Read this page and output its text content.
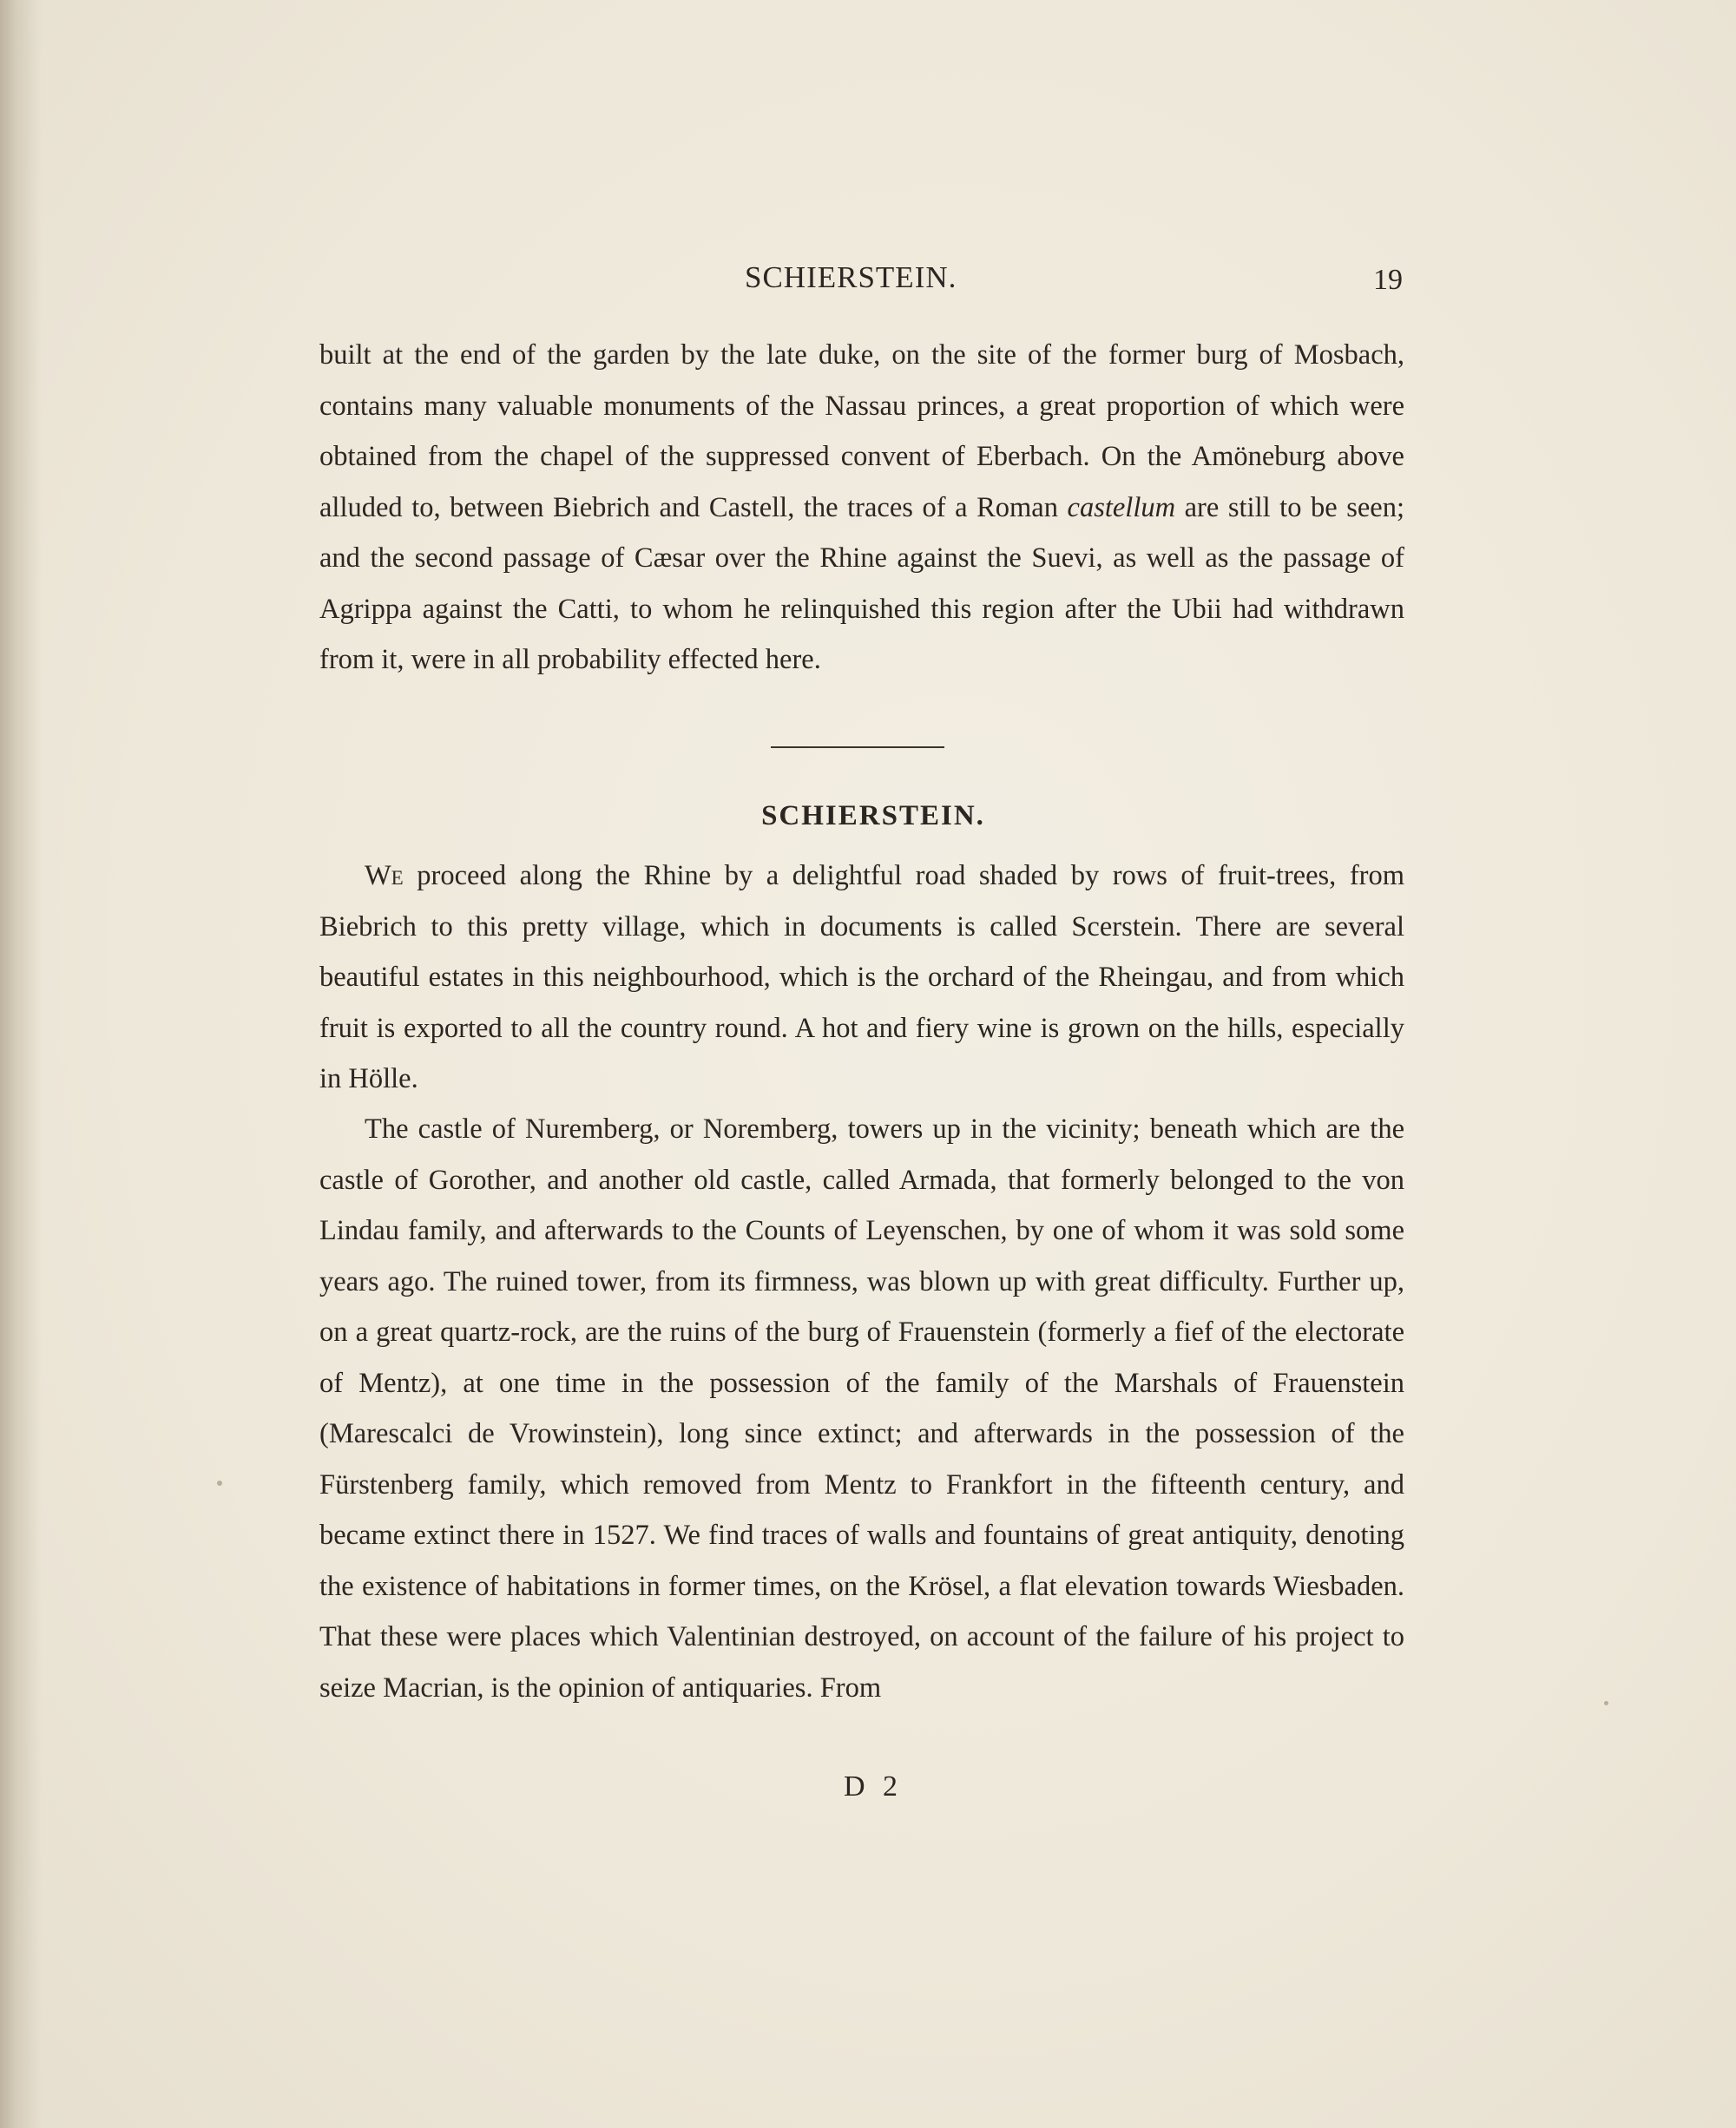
SCHIERSTEIN.	19

built at the end of the garden by the late duke, on the site of the former burg of Mosbach, contains many valuable monuments of the Nassau princes, a great proportion of which were obtained from the chapel of the suppressed convent of Eberbach. On the Amöneburg above alluded to, between Biebrich and Castell, the traces of a Roman castellum are still to be seen; and the second passage of Cæsar over the Rhine against the Suevi, as well as the passage of Agrippa against the Catti, to whom he relinquished this region after the Ubii had withdrawn from it, were in all probability effected here.

SCHIERSTEIN.

We proceed along the Rhine by a delightful road shaded by rows of fruit-trees, from Biebrich to this pretty village, which in documents is called Scerstein. There are several beautiful estates in this neighbourhood, which is the orchard of the Rheingau, and from which fruit is exported to all the country round. A hot and fiery wine is grown on the hills, especially in Hölle.

The castle of Nuremberg, or Noremberg, towers up in the vicinity; beneath which are the castle of Gorother, and another old castle, called Armada, that formerly belonged to the von Lindau family, and afterwards to the Counts of Leyenschen, by one of whom it was sold some years ago. The ruined tower, from its firmness, was blown up with great difficulty. Further up, on a great quartz-rock, are the ruins of the burg of Frauenstein (formerly a fief of the electorate of Mentz), at one time in the possession of the family of the Marshals of Frauenstein (Marescalci de Vrowinstein), long since extinct; and afterwards in the possession of the Fürstenberg family, which removed from Mentz to Frankfort in the fifteenth century, and became extinct there in 1527. We find traces of walls and fountains of great antiquity, denoting the existence of habitations in former times, on the Krösel, a flat elevation towards Wiesbaden. That these were places which Valentinian destroyed, on account of the failure of his project to seize Macrian, is the opinion of antiquaries. From

D 2
